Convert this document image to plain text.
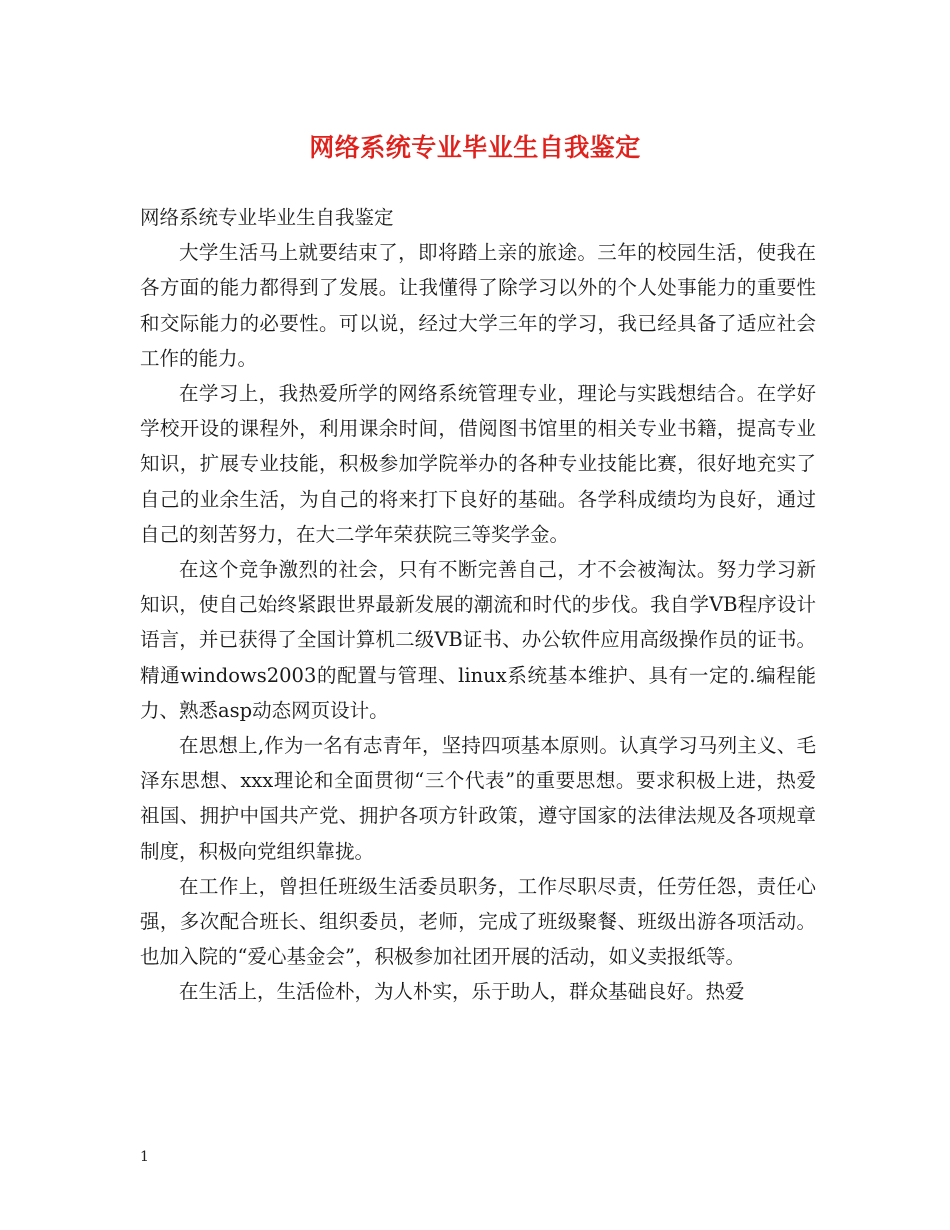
网络系统专业毕业生自我鉴定

网络系统专业毕业生自我鉴定

大学生活马上就要结束了，即将踏上亲的旅途。三年的校园生活，使我在各方面的能力都得到了发展。让我懂得了除学习以外的个人处事能力的重要性和交际能力的必要性。可以说，经过大学三年的学习，我已经具备了适应社会工作的能力。

在学习上，我热爱所学的网络系统管理专业，理论与实践想结合。在学好学校开设的课程外，利用课余时间，借阅图书馆里的相关专业书籍，提高专业知识，扩展专业技能，积极参加学院举办的各种专业技能比赛，很好地充实了自己的业余生活，为自己的将来打下良好的基础。各学科成绩均为良好，通过自己的刻苦努力，在大二学年荣获院三等奖学金。

在这个竞争激烈的社会，只有不断完善自己，才不会被淘汰。努力学习新知识，使自己始终紧跟世界最新发展的潮流和时代的步伐。我自学VB程序设计语言，并已获得了全国计算机二级VB证书、办公软件应用高级操作员的证书。精通windows2003的配置与管理、linux系统基本维护、具有一定的.编程能力、熟悉asp动态网页设计。

在思想上,作为一名有志青年，坚持四项基本原则。认真学习马列主义、毛泽东思想、xxx理论和全面贯彻“三个代表”的重要思想。要求积极上进，热爱祖国、拥护中国共产党、拥护各项方针政策，遵守国家的法律法规及各项规章制度，积极向党组织靠拢。

在工作上，曾担任班级生活委员职务，工作尽职尽责，任劳任怨，责任心强，多次配合班长、组织委员，老师，完成了班级聚餐、班级出游各项活动。也加入院的“爱心基金会”，积极参加社团开展的活动，如义卖报纸等。

在生活上，生活俭朴，为人朴实，乐于助人，群众基础良好。热爱

1
